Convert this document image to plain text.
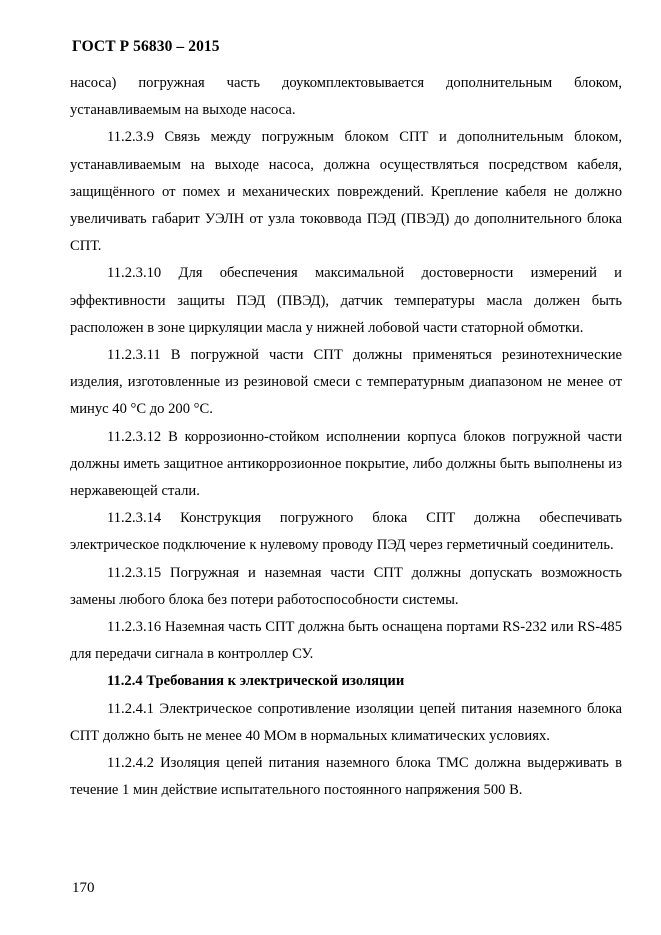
ГОСТ Р 56830 – 2015

насоса) погружная часть доукомплектовывается дополнительным блоком, устанавливаемым на выходе насоса.

11.2.3.9 Связь между погружным блоком СПТ и дополнительным блоком, устанавливаемым на выходе насоса, должна осуществляться посредством кабеля, защищённого от помех и механических повреждений. Крепление кабеля не должно увеличивать габарит УЭЛН от узла токоввода ПЭД (ПВЭД) до дополнительного блока СПТ.

11.2.3.10 Для обеспечения максимальной достоверности измерений и эффективности защиты ПЭД (ПВЭД), датчик температуры масла должен быть расположен в зоне циркуляции масла у нижней лобовой части статорной обмотки.

11.2.3.11 В погружной части СПТ должны применяться резинотехнические изделия, изготовленные из резиновой смеси с температурным диапазоном не менее от минус 40 °С до 200 °С.

11.2.3.12 В коррозионно-стойком исполнении корпуса блоков погружной части должны иметь защитное антикоррозионное покрытие, либо должны быть выполнены из нержавеющей стали.

11.2.3.14 Конструкция погружного блока СПТ должна обеспечивать электрическое подключение к нулевому проводу ПЭД через герметичный соединитель.

11.2.3.15 Погружная и наземная части СПТ должны допускать возможность замены любого блока без потери работоспособности системы.

11.2.3.16 Наземная часть СПТ должна быть оснащена портами RS-232 или RS-485 для передачи сигнала в контроллер СУ.

11.2.4 Требования к электрической изоляции

11.2.4.1 Электрическое сопротивление изоляции цепей питания наземного блока СПТ должно быть не менее 40 МОм в нормальных климатических условиях.

11.2.4.2 Изоляция цепей питания наземного блока ТМС должна выдерживать в течение 1 мин действие испытательного постоянного напряжения 500 В.

170
